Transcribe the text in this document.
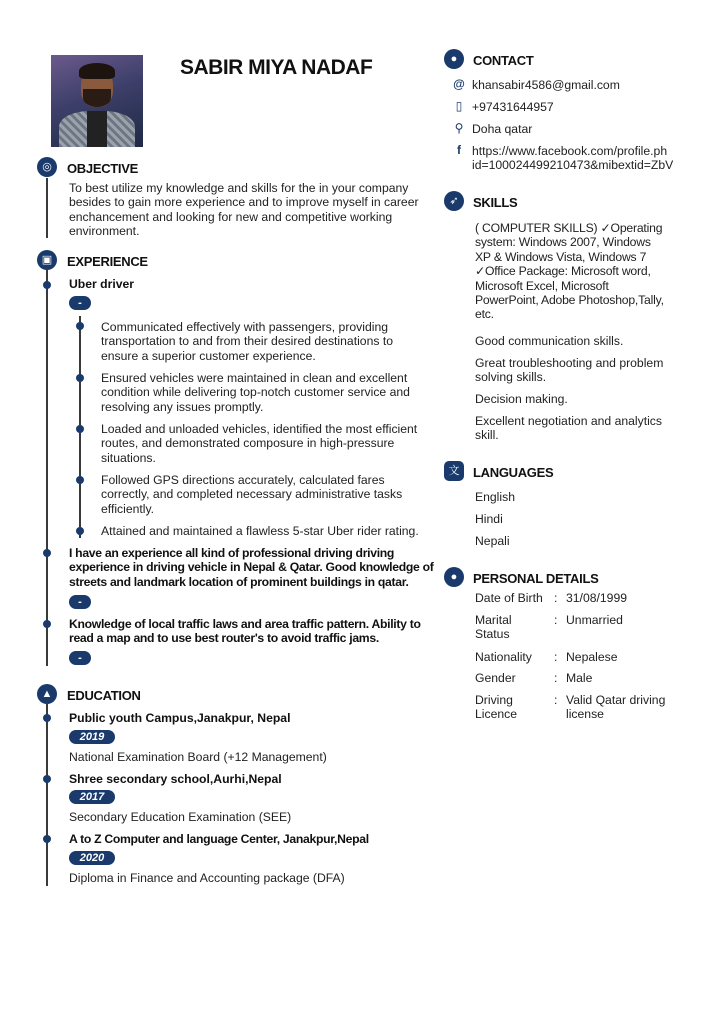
SABIR MIYA NADAF
◎	OBJECTIVE
To best utilize my knowledge and skills for the in your company
besides to gain more experience and to improve myself in career
enchancement and looking for new and competitive working
environment.
▣	EXPERIENCE
Uber driver
-
Communicated effectively with passengers, providing
transportation to and from their desired destinations to
ensure a superior customer experience.
Ensured vehicles were maintained in clean and excellent
condition while delivering top-notch customer service and
resolving any issues promptly.
Loaded and unloaded vehicles, identified the most efficient
routes, and demonstrated composure in high-pressure
situations.
Followed GPS directions accurately, calculated fares
correctly, and completed necessary administrative tasks
efficiently.
Attained and maintained a flawless 5-star Uber rider rating.
I have an experience all kind of professional driving driving
experience in driving vehicle in Nepal & Qatar. Good knowledge of
streets and landmark location of prominent buildings in qatar.
-
Knowledge of local traffic laws and area traffic pattern. Ability to
read a map and to use best router's to avoid traffic jams.
-
▲	EDUCATION
Public youth Campus,Janakpur, Nepal
2019
National Examination Board (+12 Management)
Shree secondary school,Aurhi,Nepal
2017
Secondary Education Examination (SEE)
A to Z Computer and language Center, Janakpur,Nepal
2020
Diploma in Finance and Accounting package (DFA)
●	CONTACT
@ khansabir4586@gmail.com
▯ +97431644957
⚲ Doha qatar
f https://www.facebook.com/profile.ph
id=100024499210473&mibextid=ZbV
➶	SKILLS
( COMPUTER SKILLS) ✓Operating
system: Windows 2007, Windows
XP & Windows Vista, Windows 7
✓Office Package: Microsoft word,
Microsoft Excel, Microsoft
PowerPoint, Adobe Photoshop,Tally,
etc.
Good communication skills.
Great troubleshooting and problem
solving skills.
Decision making.
Excellent negotiation and analytics
skill.
文	LANGUAGES
English
Hindi
Nepali
●	PERSONAL DETAILS
Date of Birth : 31/08/1999
Marital
Status
: Unmarried
Nationality	: Nepalese
Gender	: Male
Driving
Licence
: Valid Qatar driving
license
